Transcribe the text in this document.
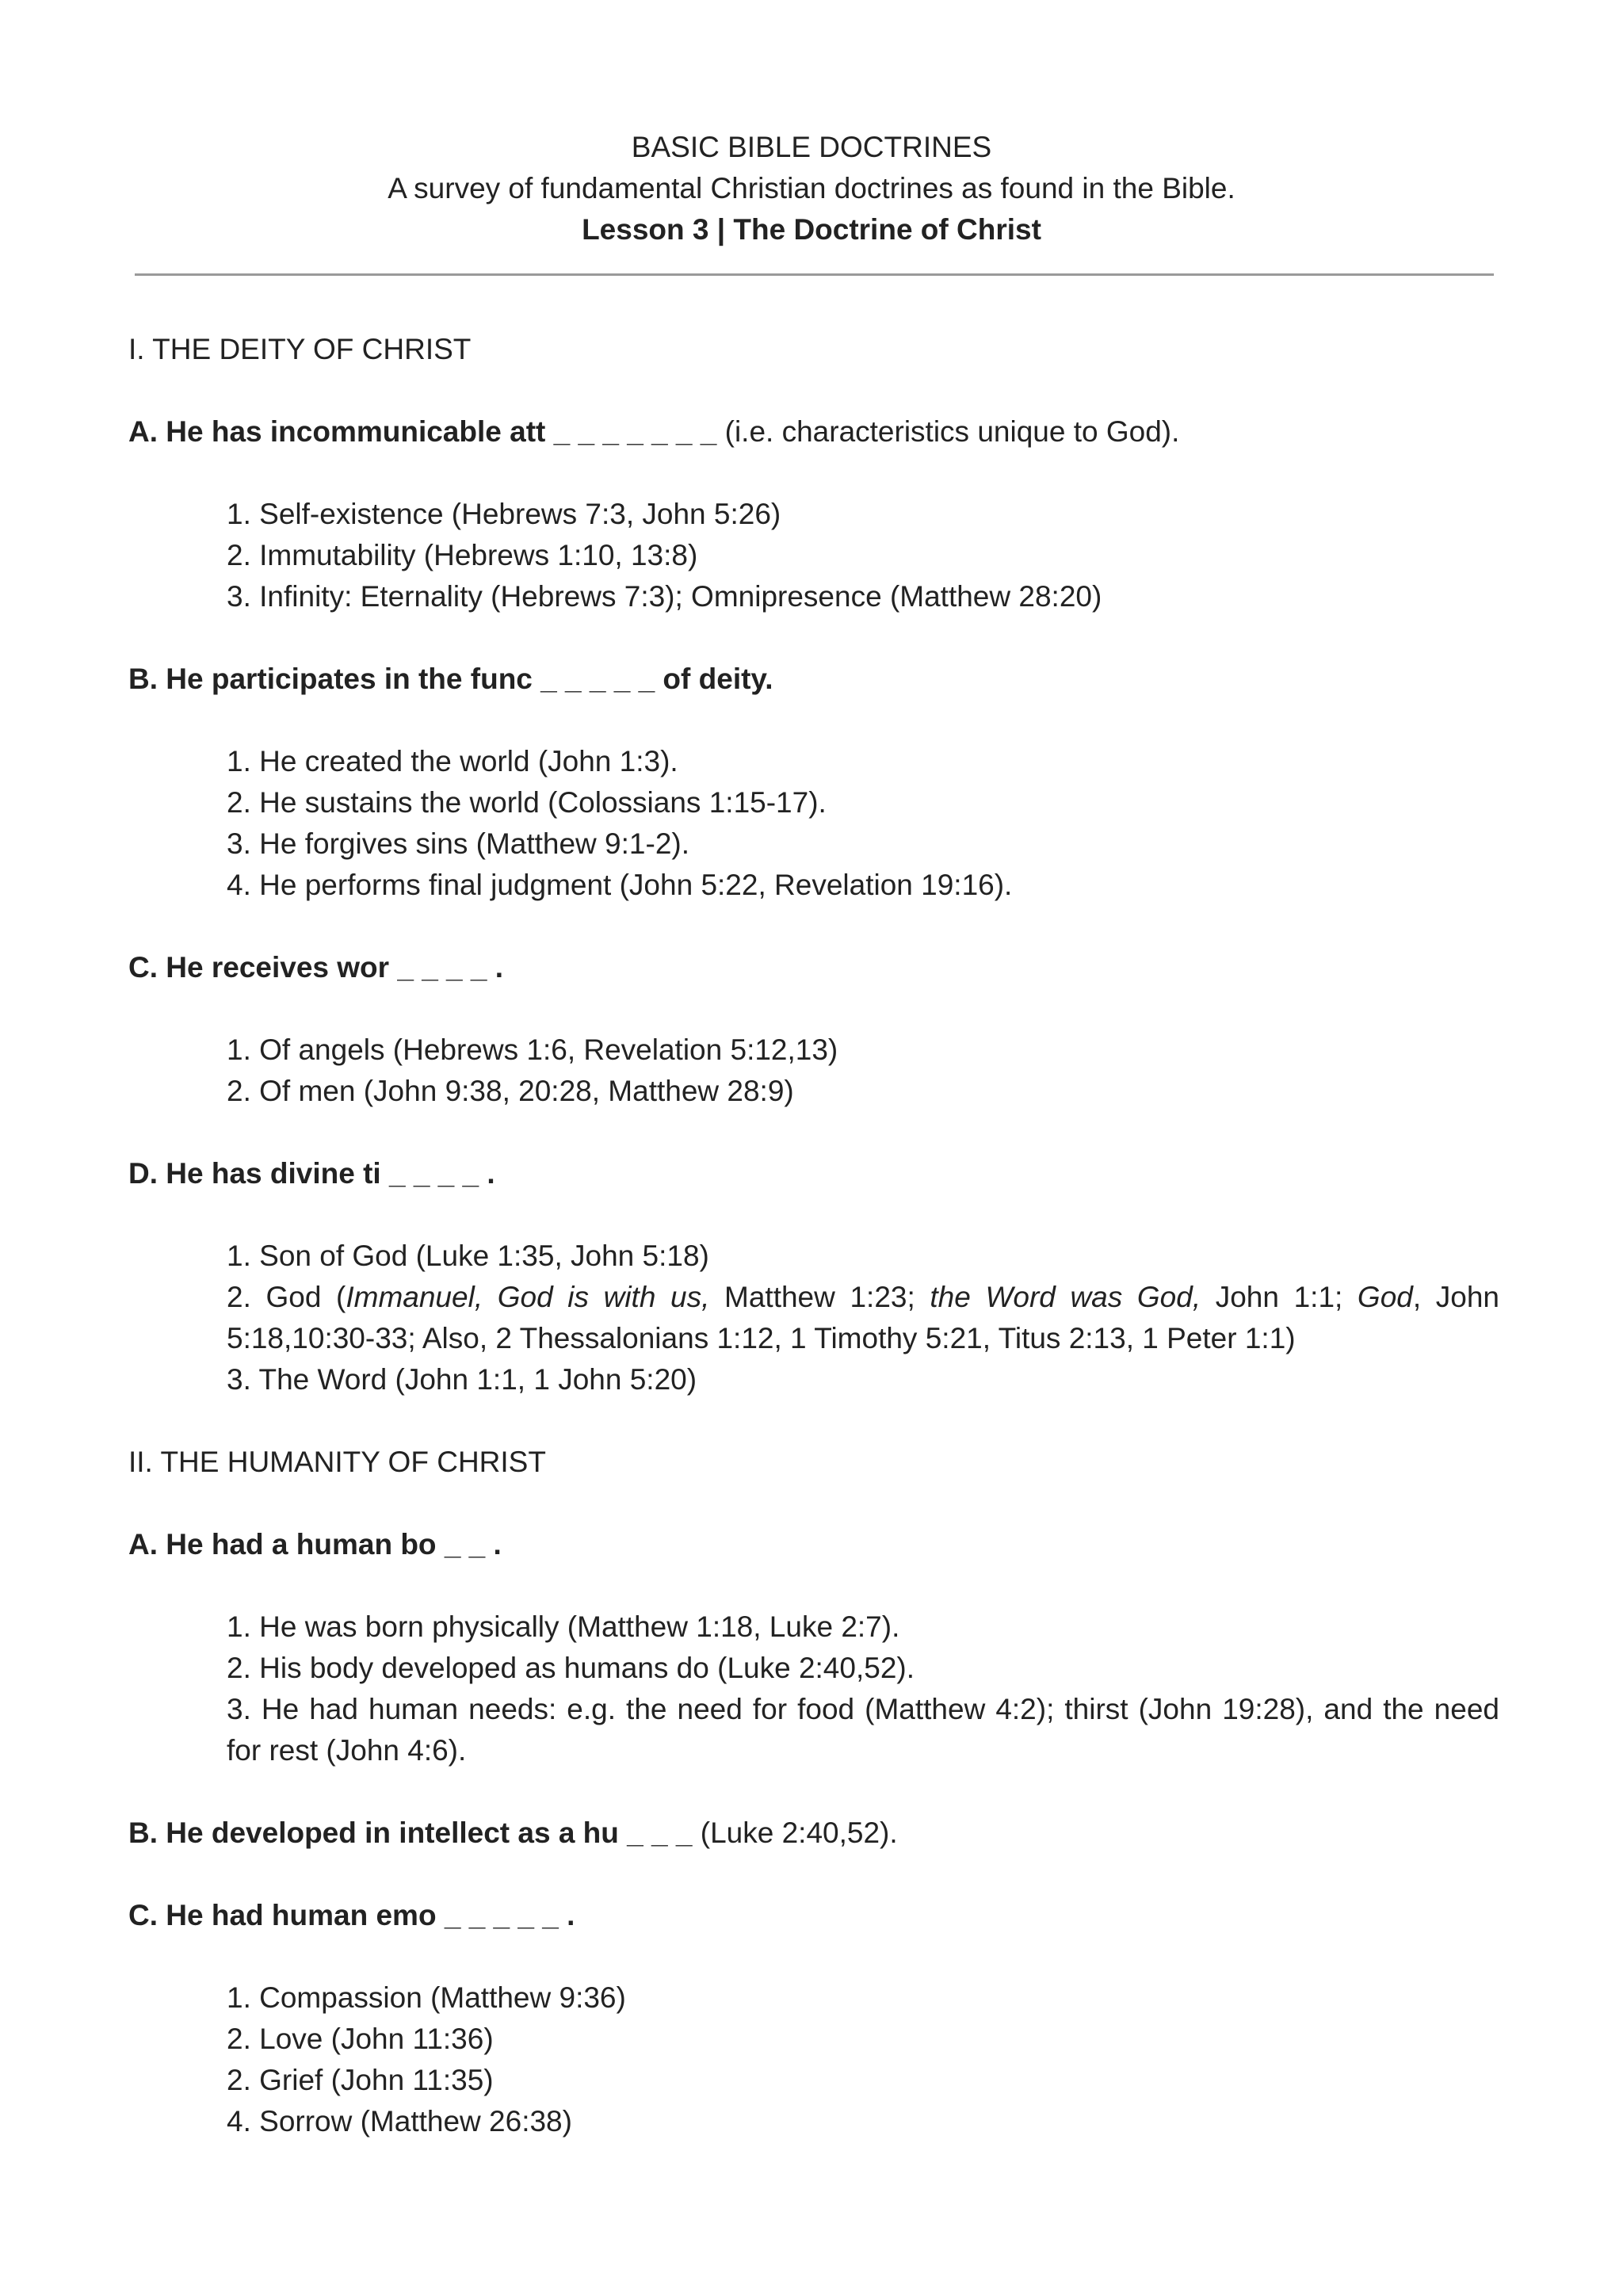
BASIC BIBLE DOCTRINES
A survey of fundamental Christian doctrines as found in the Bible.
Lesson 3 | The Doctrine of Christ
I. THE DEITY OF CHRIST
A. He has incommunicable att _ _ _ _ _ _ _ (i.e. characteristics unique to God).
1. Self-existence (Hebrews 7:3, John 5:26)
2. Immutability (Hebrews 1:10, 13:8)
3. Infinity: Eternality (Hebrews 7:3); Omnipresence (Matthew 28:20)
B. He participates in the func _ _ _ _ _ of deity.
1. He created the world (John 1:3).
2. He sustains the world (Colossians 1:15-17).
3. He forgives sins (Matthew 9:1-2).
4. He performs final judgment (John 5:22, Revelation 19:16).
C. He receives wor _ _ _ _ .
1. Of angels (Hebrews 1:6, Revelation 5:12,13)
2. Of men (John 9:38, 20:28, Matthew 28:9)
D. He has divine ti _ _ _ _ .
1. Son of God (Luke 1:35, John 5:18)
2. God (Immanuel, God is with us, Matthew 1:23; the Word was God, John 1:1; God, John 5:18,10:30-33; Also, 2 Thessalonians 1:12, 1 Timothy 5:21, Titus 2:13, 1 Peter 1:1)
3. The Word (John 1:1, 1 John 5:20)
II. THE HUMANITY OF CHRIST
A. He had a human bo _ _ .
1. He was born physically (Matthew 1:18, Luke 2:7).
2. His body developed as humans do (Luke 2:40,52).
3. He had human needs: e.g. the need for food (Matthew 4:2); thirst (John 19:28), and the need for rest (John 4:6).
B. He developed in intellect as a hu _ _ _ (Luke 2:40,52).
C. He had human emo _ _ _ _ _ .
1. Compassion (Matthew 9:36)
2. Love (John 11:36)
2. Grief (John 11:35)
4. Sorrow (Matthew 26:38)
